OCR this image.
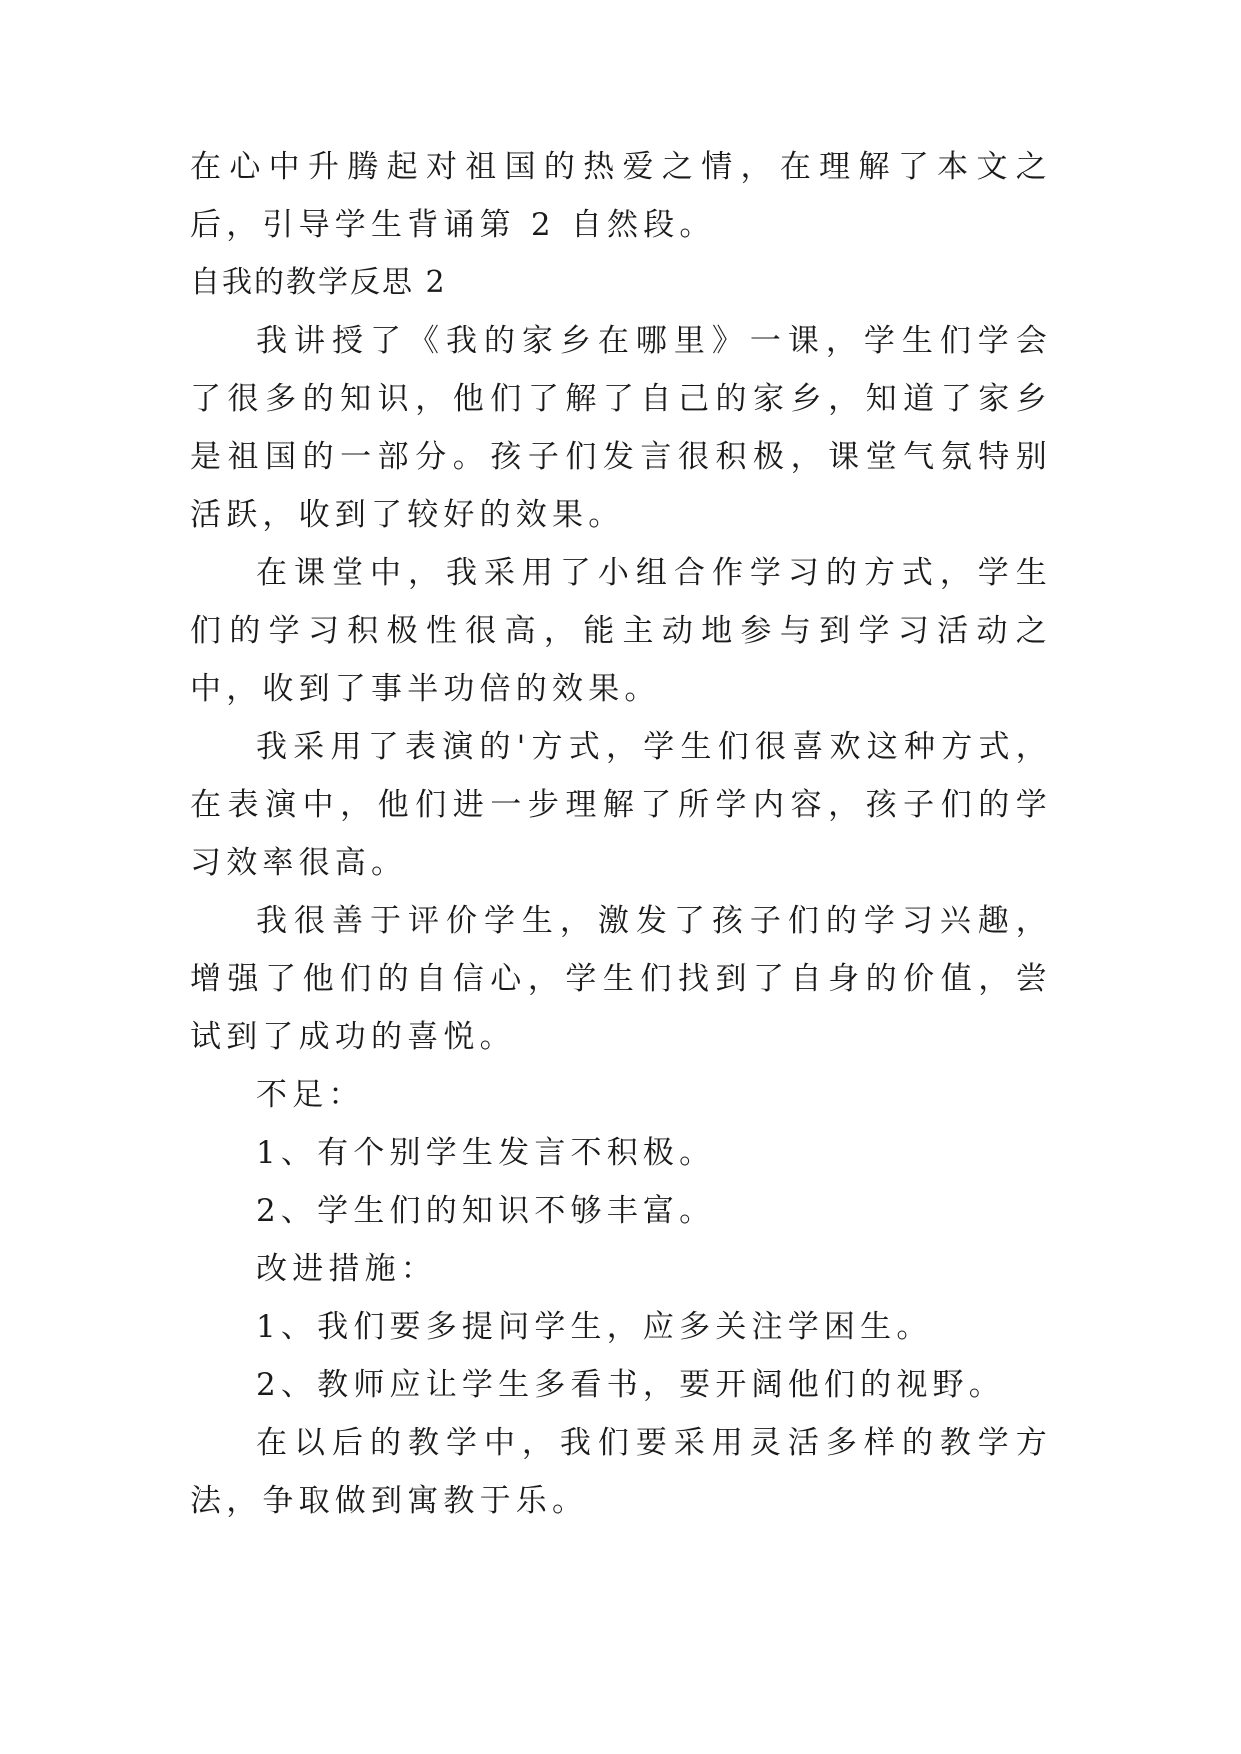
在心中升腾起对祖国的热爱之情，在理解了本文之后，引导学生背诵第 2 自然段。

自我的教学反思 2

我讲授了《我的家乡在哪里》一课，学生们学会了很多的知识，他们了解了自己的家乡，知道了家乡是祖国的一部分。孩子们发言很积极，课堂气氛特别活跃，收到了较好的效果。

在课堂中，我采用了小组合作学习的方式，学生们的学习积极性很高，能主动地参与到学习活动之中，收到了事半功倍的效果。

我采用了表演的'方式，学生们很喜欢这种方式，在表演中，他们进一步理解了所学内容，孩子们的学习效率很高。

我很善于评价学生，激发了孩子们的学习兴趣，增强了他们的自信心，学生们找到了自身的价值，尝试到了成功的喜悦。

不足：

1、有个别学生发言不积极。

2、学生们的知识不够丰富。

改进措施：

1、我们要多提问学生，应多关注学困生。

2、教师应让学生多看书，要开阔他们的视野。

在以后的教学中，我们要采用灵活多样的教学方法，争取做到寓教于乐。
